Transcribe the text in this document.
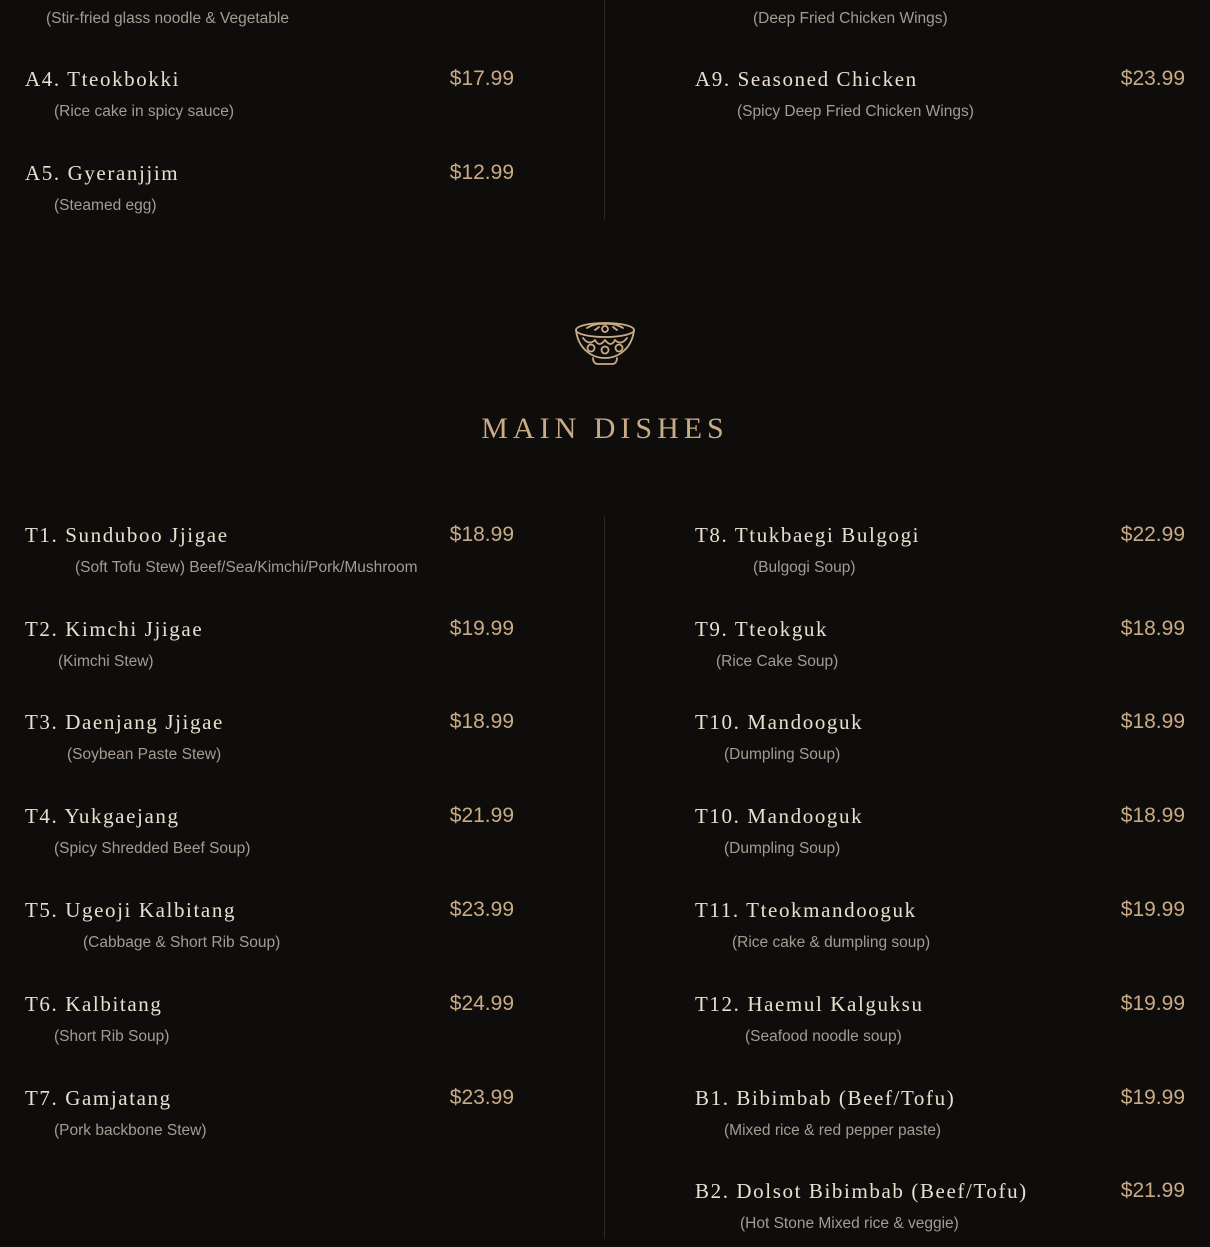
(Stir-fried glass noodle & Vegetable	(Deep Fried Chicken Wings)
A4. Tteokbokki	$17.99
(Rice cake in spicy sauce)
A5. Gyeranjjim	$12.99
(Steamed egg)
A9. Seasoned Chicken	$23.99
(Spicy Deep Fried Chicken Wings)
MAIN DISHES
T1. Sunduboo Jjigae	$18.99
(Soft Tofu Stew) Beef/Sea/Kimchi/Pork/Mushroom
T2. Kimchi Jjigae	$19.99
(Kimchi Stew)
T3. Daenjang Jjigae	$18.99
(Soybean Paste Stew)
T4. Yukgaejang	$21.99
(Spicy Shredded Beef Soup)
T5. Ugeoji Kalbitang	$23.99
(Cabbage & Short Rib Soup)
T6. Kalbitang	$24.99
(Short Rib Soup)
T7. Gamjatang	$23.99
(Pork backbone Stew)
T8. Ttukbaegi Bulgogi	$22.99
(Bulgogi Soup)
T9. Tteokguk	$18.99
(Rice Cake Soup)
T10. Mandooguk	$18.99
(Dumpling Soup)
T10. Mandooguk	$18.99
(Dumpling Soup)
T11. Tteokmandooguk	$19.99
(Rice cake & dumpling soup)
T12. Haemul Kalguksu	$19.99
(Seafood noodle soup)
B1. Bibimbab (Beef/Tofu)	$19.99
(Mixed rice & red pepper paste)
B2. Dolsot Bibimbab (Beef/Tofu)	$21.99
(Hot Stone Mixed rice & veggie)
